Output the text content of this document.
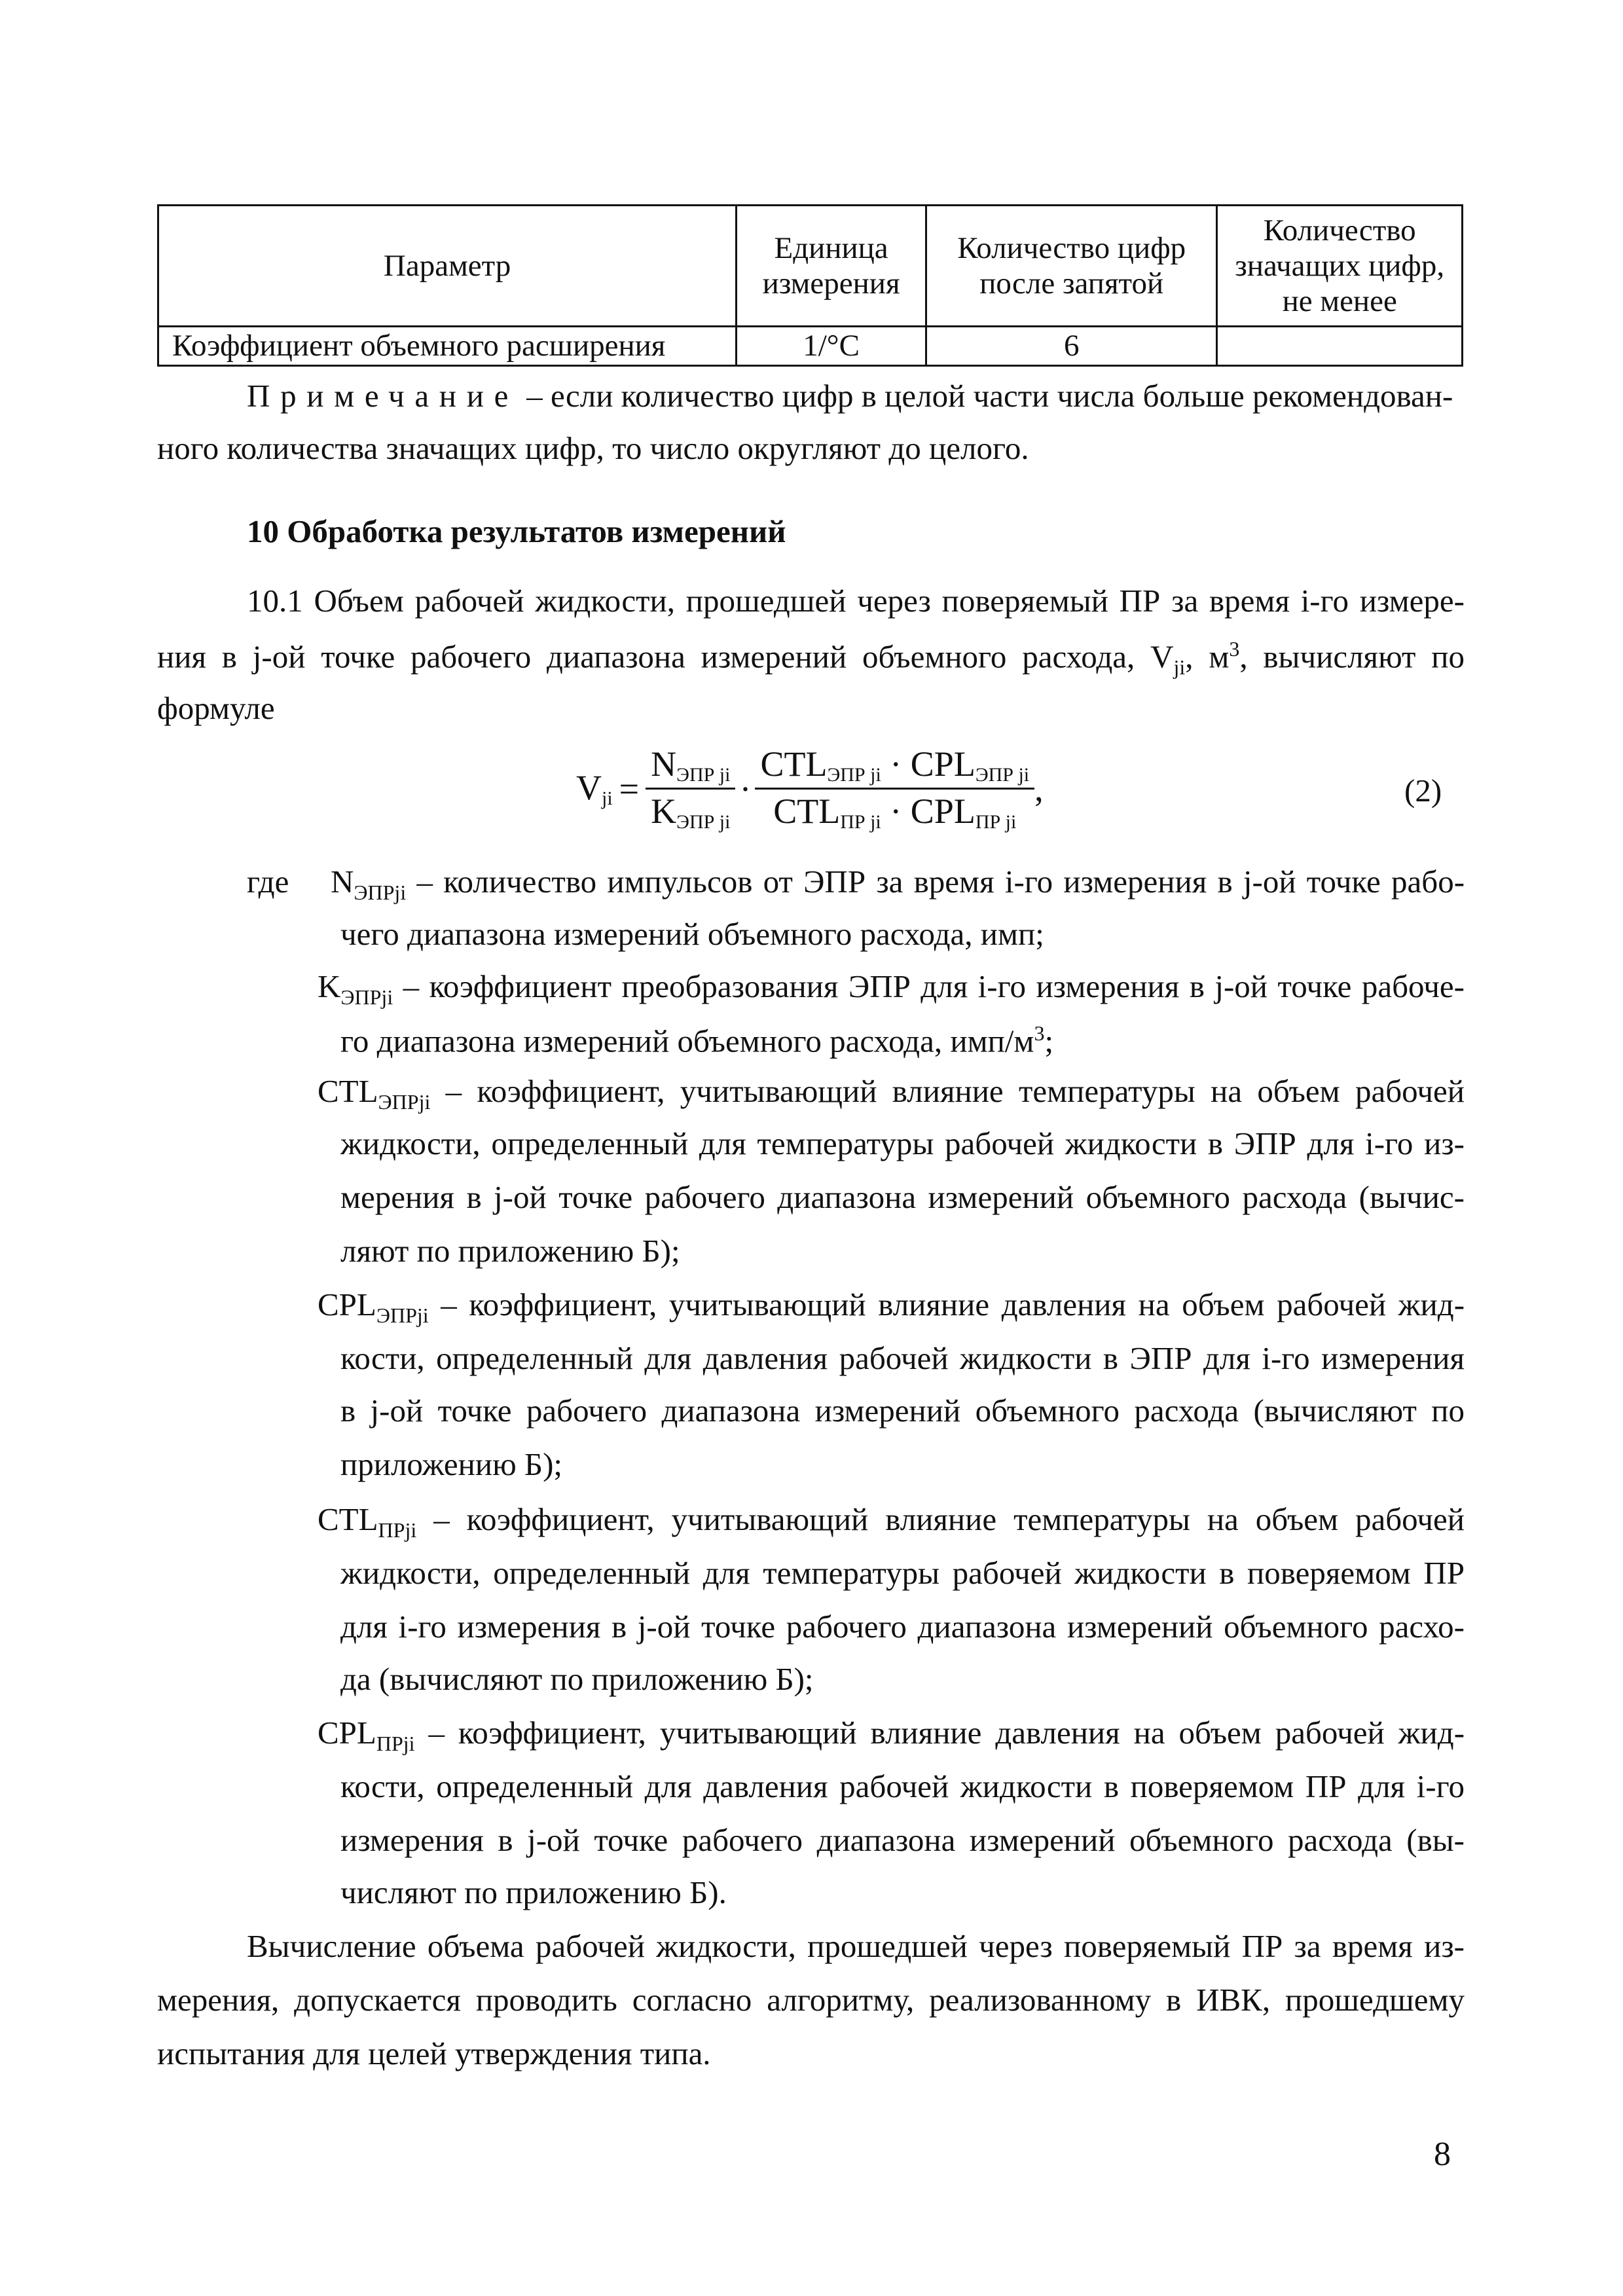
Параметр	Единица измерения	Количество цифр после запятой	Количество значащих цифр, не менее
Коэффициент объемного расширения	1/°C	6	
Примечание – если количество цифр в целой части числа больше рекомендован-
ного количества значащих цифр, то число округляют до целого.
10 Обработка результатов измерений
10.1 Объем рабочей жидкости, прошедшей через поверяемый ПР за время i-го измере-
ния в j-ой точке рабочего диапазона измерений объемного расхода, $V_{ji}$, $м^3$, вычисляют по
формуле
$V_{ji} = \frac{N_{ЭПР ji}}{K_{ЭПР ji}} \cdot \frac{CTL_{ЭПР ji} \cdot CPL_{ЭПР ji}}{CTL_{ПР ji} \cdot CPL_{ПР ji}}$ ,	(2)
где $N_{ЭПРji}$ – количество импульсов от ЭПР за время i-го измерения в j-ой точке рабо-
чего диапазона измерений объемного расхода, имп;
$K_{ЭПРji}$ – коэффициент преобразования ЭПР для i-го измерения в j-ой точке рабоче-
го диапазона измерений объемного расхода, имп/$м^3$;
$CTL_{ЭПРji}$ – коэффициент, учитывающий влияние температуры на объем рабочей
жидкости, определенный для температуры рабочей жидкости в ЭПР для i-го из-
мерения в j-ой точке рабочего диапазона измерений объемного расхода (вычис-
ляют по приложению Б);
$CPL_{ЭПРji}$ – коэффициент, учитывающий влияние давления на объем рабочей жид-
кости, определенный для давления рабочей жидкости в ЭПР для i-го измерения
в j-ой точке рабочего диапазона измерений объемного расхода (вычисляют по
приложению Б);
$CTL_{ПРji}$ – коэффициент, учитывающий влияние температуры на объем рабочей
жидкости, определенный для температуры рабочей жидкости в поверяемом ПР
для i-го измерения в j-ой точке рабочего диапазона измерений объемного расхо-
да (вычисляют по приложению Б);
$CPL_{ПРji}$ – коэффициент, учитывающий влияние давления на объем рабочей жид-
кости, определенный для давления рабочей жидкости в поверяемом ПР для i-го
измерения в j-ой точке рабочего диапазона измерений объемного расхода (вы-
числяют по приложению Б).
Вычисление объема рабочей жидкости, прошедшей через поверяемый ПР за время из-
мерения, допускается проводить согласно алгоритму, реализованному в ИВК, прошедшему
испытания для целей утверждения типа.
8
